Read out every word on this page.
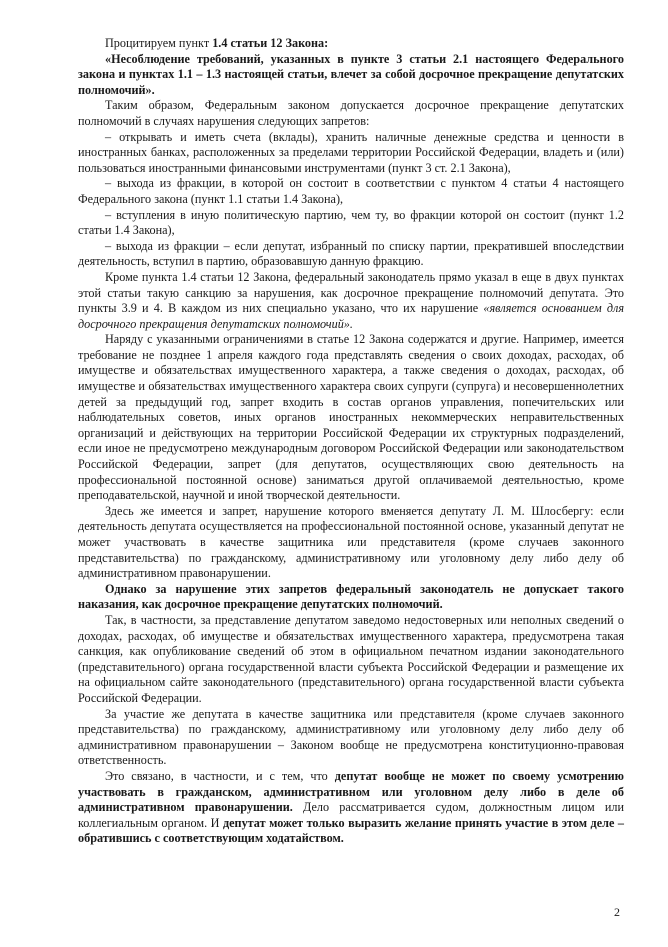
Процитируем пункт 1.4 статьи 12 Закона:

«Несоблюдение требований, указанных в пункте 3 статьи 2.1 настоящего Федерального закона и пунктах 1.1 – 1.3 настоящей статьи, влечет за собой досрочное прекращение депутатских полномочий».

Таким образом, Федеральным законом допускается досрочное прекращение депутатских полномочий в случаях нарушения следующих запретов:

– открывать и иметь счета (вклады), хранить наличные денежные средства и ценности в иностранных банках, расположенных за пределами территории Российской Федерации, владеть и (или) пользоваться иностранными финансовыми инструментами (пункт 3 ст. 2.1 Закона),

– выхода из фракции, в которой он состоит в соответствии с пунктом 4 статьи 4 настоящего Федерального закона (пункт 1.1 статьи 1.4 Закона),

– вступления в иную политическую партию, чем ту, во фракции которой он состоит (пункт 1.2 статьи 1.4 Закона),

– выхода из фракции – если депутат, избранный по списку партии, прекратившей впоследствии деятельность, вступил в партию, образовавшую данную фракцию.

Кроме пункта 1.4 статьи 12 Закона, федеральный законодатель прямо указал в еще в двух пунктах этой статьи такую санкцию за нарушения, как досрочное прекращение полномочий депутата. Это пункты 3.9 и 4. В каждом из них специально указано, что их нарушение «является основанием для досрочного прекращения депутатских полномочий».

Наряду с указанными ограничениями в статье 12 Закона содержатся и другие. Например, имеется требование не позднее 1 апреля каждого года представлять сведения о своих доходах, расходах, об имуществе и обязательствах имущественного характера, а также сведения о доходах, расходах, об имуществе и обязательствах имущественного характера своих супруги (супруга) и несовершеннолетних детей за предыдущий год, запрет входить в состав органов управления, попечительских или наблюдательных советов, иных органов иностранных некоммерческих неправительственных организаций и действующих на территории Российской Федерации их структурных подразделений, если иное не предусмотрено международным договором Российской Федерации или законодательством Российской Федерации, запрет (для депутатов, осуществляющих свою деятельность на профессиональной постоянной основе) заниматься другой оплачиваемой деятельностью, кроме преподавательской, научной и иной творческой деятельности.

Здесь же имеется и запрет, нарушение которого вменяется депутату Л. М. Шлосбергу: если деятельность депутата осуществляется на профессиональной постоянной основе, указанный депутат не может участвовать в качестве защитника или представителя (кроме случаев законного представительства) по гражданскому, административному или уголовному делу либо делу об административном правонарушении.

Однако за нарушение этих запретов федеральный законодатель не допускает такого наказания, как досрочное прекращение депутатских полномочий.

Так, в частности, за представление депутатом заведомо недостоверных или неполных сведений о доходах, расходах, об имуществе и обязательствах имущественного характера, предусмотрена такая санкция, как опубликование сведений об этом в официальном печатном издании законодательного (представительного) органа государственной власти субъекта Российской Федерации и размещение их на официальном сайте законодательного (представительного) органа государственной власти субъекта Российской Федерации.

За участие же депутата в качестве защитника или представителя (кроме случаев законного представительства) по гражданскому, административному или уголовному делу либо делу об административном правонарушении – Законом вообще не предусмотрена конституционно-правовая ответственность.

Это связано, в частности, и с тем, что депутат вообще не может по своему усмотрению участвовать в гражданском, административном или уголовном делу либо в деле об административном правонарушении. Дело рассматривается судом, должностным лицом или коллегиальным органом. И депутат может только выразить желание принять участие в этом деле – обратившись с соответствующим ходатайством.

2
